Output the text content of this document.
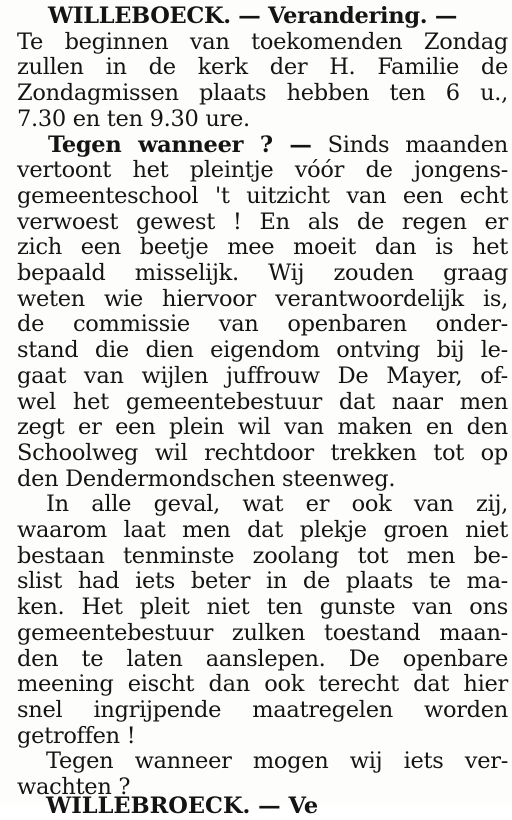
WILLEBOECK. — Verandering. —
Te beginnen van toekomenden Zondag
zullen in de kerk der H. Familie de
Zondagmissen plaats hebben ten 6 u.,
7.30 en ten 9.30 ure.
Tegen wanneer ? — Sinds maanden
vertoont het pleintje vóór de jongens-
gemeenteschool 't uitzicht van een echt
verwoest gewest ! En als de regen er
zich een beetje mee moeit dan is het
bepaald misselijk. Wij zouden graag
weten wie hiervoor verantwoordelijk is,
de commissie van openbaren onder-
stand die dien eigendom ontving bij le-
gaat van wijlen juffrouw De Mayer, of-
wel het gemeentebestuur dat naar men
zegt er een plein wil van maken en den
Schoolweg wil rechtdoor trekken tot op
den Dendermondschen steenweg.
In alle geval, wat er ook van zij,
waarom laat men dat plekje groen niet
bestaan tenminste zoolang tot men be-
slist had iets beter in de plaats te ma-
ken. Het pleit niet ten gunste van ons
gemeentebestuur zulken toestand maan-
den te laten aanslepen. De openbare
meening eischt dan ook terecht dat hier
snel ingrijpende maatregelen worden
getroffen !
Tegen wanneer mogen wij iets ver-
wachten ?
WILLEBROECK. — Ve
